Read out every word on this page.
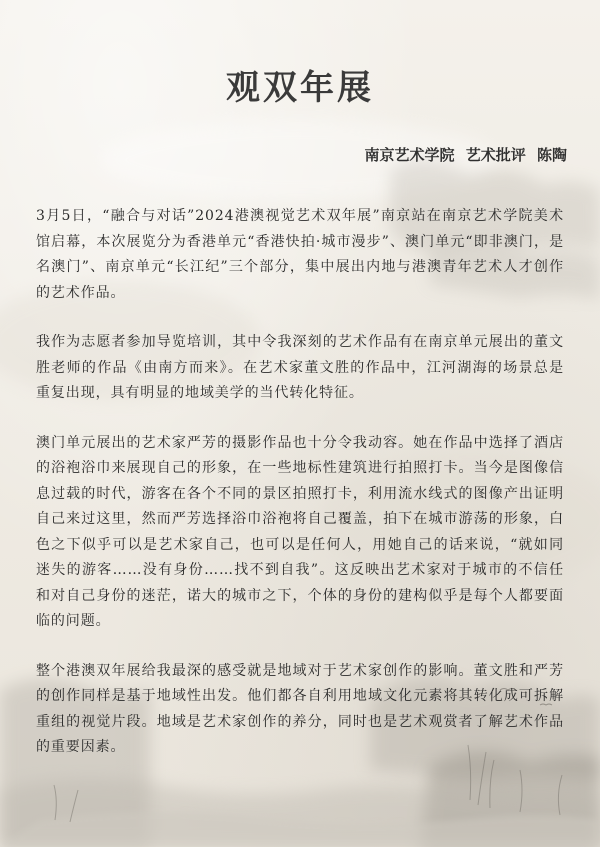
观双年展
南京艺术学院 艺术批评 陈陶

3月5日，“融合与对话”2024港澳视觉艺术双年展”南京站在南京艺术学院美术馆启幕，本次展览分为香港单元“香港快拍·城市漫步”、澳门单元“即非澳门，是名澳门”、南京单元“长江纪”三个部分，集中展出内地与港澳青年艺术人才创作的艺术作品。

我作为志愿者参加导览培训，其中令我深刻的艺术作品有在南京单元展出的董文胜老师的作品《由南方而来》。在艺术家董文胜的作品中，江河湖海的场景总是重复出现，具有明显的地域美学的当代转化特征。

澳门单元展出的艺术家严芳的摄影作品也十分令我动容。她在作品中选择了酒店的浴袍浴巾来展现自己的形象，在一些地标性建筑进行拍照打卡。当今是图像信息过载的时代，游客在各个不同的景区拍照打卡，利用流水线式的图像产出证明自己来过这里，然而严芳选择浴巾浴袍将自己覆盖，拍下在城市游荡的形象，白色之下似乎可以是艺术家自己，也可以是任何人，用她自己的话来说，“就如同迷失的游客……没有身份……找不到自我”。这反映出艺术家对于城市的不信任和对自己身份的迷茫，诺大的城市之下，个体的身份的建构似乎是每个人都要面临的问题。

整个港澳双年展给我最深的感受就是地域对于艺术家创作的影响。董文胜和严芳的创作同样是基于地域性出发。他们都各自利用地域文化元素将其转化成可拆解重组的视觉片段。地域是艺术家创作的养分，同时也是艺术观赏者了解艺术作品的重要因素。
